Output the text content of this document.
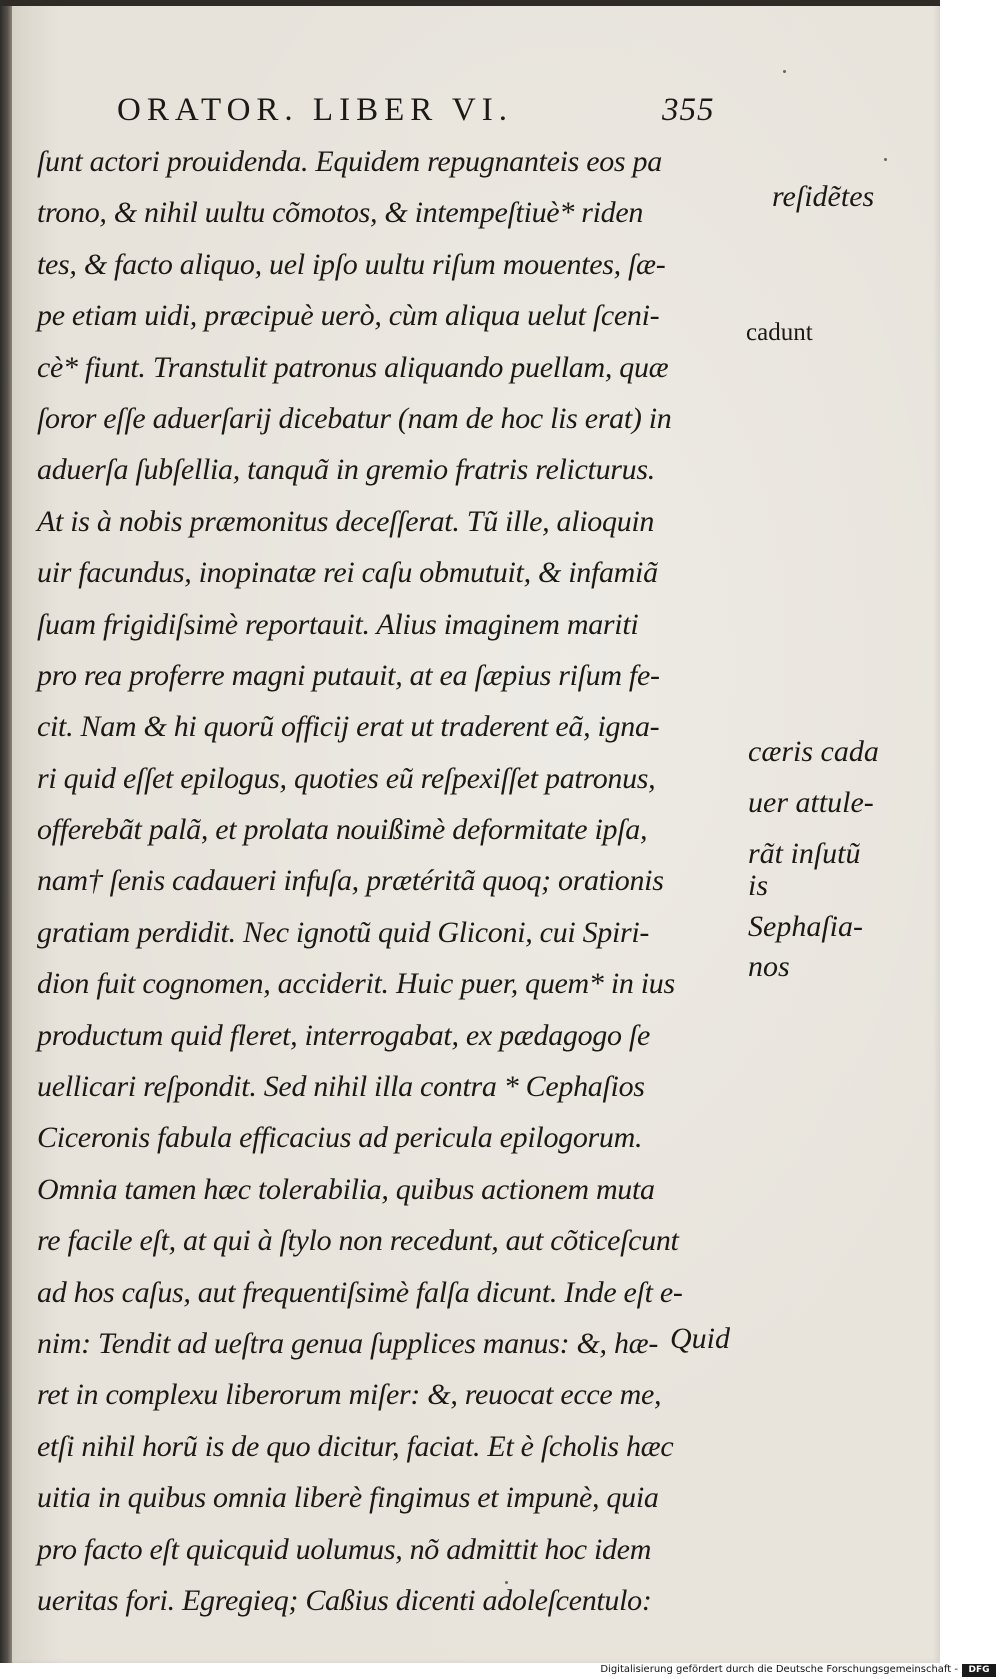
ORATOR. LIBER VI.	355
ſunt actori prouidenda. Equidem repugnanteis eos pa
trono, & nihil uultu cõmotos, & intempeſtiuè* riden
tes, & facto aliquo, uel ipſo uultu riſum mouentes, ſæ-
pe etiam uidi, præcipuè uerò, cùm aliqua uelut ſceni-
cè* fiunt. Transtulit patronus aliquando puellam, quæ
ſoror eſſe aduerſarij dicebatur (nam de hoc lis erat) in
aduerſa ſubſellia, tanquã in gremio fratris relicturus.
At is à nobis præmonitus deceſſerat. Tũ ille, alioquin
uir facundus, inopinatæ rei caſu obmutuit, & infamiã
ſuam frigidiſsimè reportauit. Alius imaginem mariti
pro rea proferre magni putauit, at ea ſæpius riſum fe-
cit. Nam & hi quorũ officij erat ut traderent eã, igna-
ri quid eſſet epilogus, quoties eũ reſpexiſſet patronus,
offerebãt palã, et prolata nouißimè deformitate ipſa,
nam† ſenis cadaueri infuſa, prætéritã quoq; orationis
gratiam perdidit. Nec ignotũ quid Gliconi, cui Spiri-
dion fuit cognomen, acciderit. Huic puer, quem* in ius
productum quid fleret, interrogabat, ex pædagogo ſe
uellicari reſpondit. Sed nihil illa contra * Cephaſios
Ciceronis fabula efficacius ad pericula epilogorum.
Omnia tamen hæc tolerabilia, quibus actionem muta
re facile eſt, at qui à ſtylo non recedunt, aut cõticeſcunt
ad hos caſus, aut frequentiſsimè falſa dicunt. Inde eſt e-
nim: Tendit ad ueſtra genua ſupplices manus: &, hæ-
ret in complexu liberorum miſer: &, reuocat ecce me,
etſi nihil horũ is de quo dicitur, faciat. Et è ſcholis hæc
uitia in quibus omnia liberè fingimus et impunè, quia
pro facto eſt quicquid uolumus, nõ admittit hoc idem
ueritas fori. Egregieq; Caßius dicenti adoleſcentulo:
reſidẽtes
cadunt
cæris cada
uer attule-
rãt inſutũ
is
Sephaſia-
nos
Quid
Digitalisierung gefördert durch die Deutsche Forschungsgemeinschaft -	DFG
